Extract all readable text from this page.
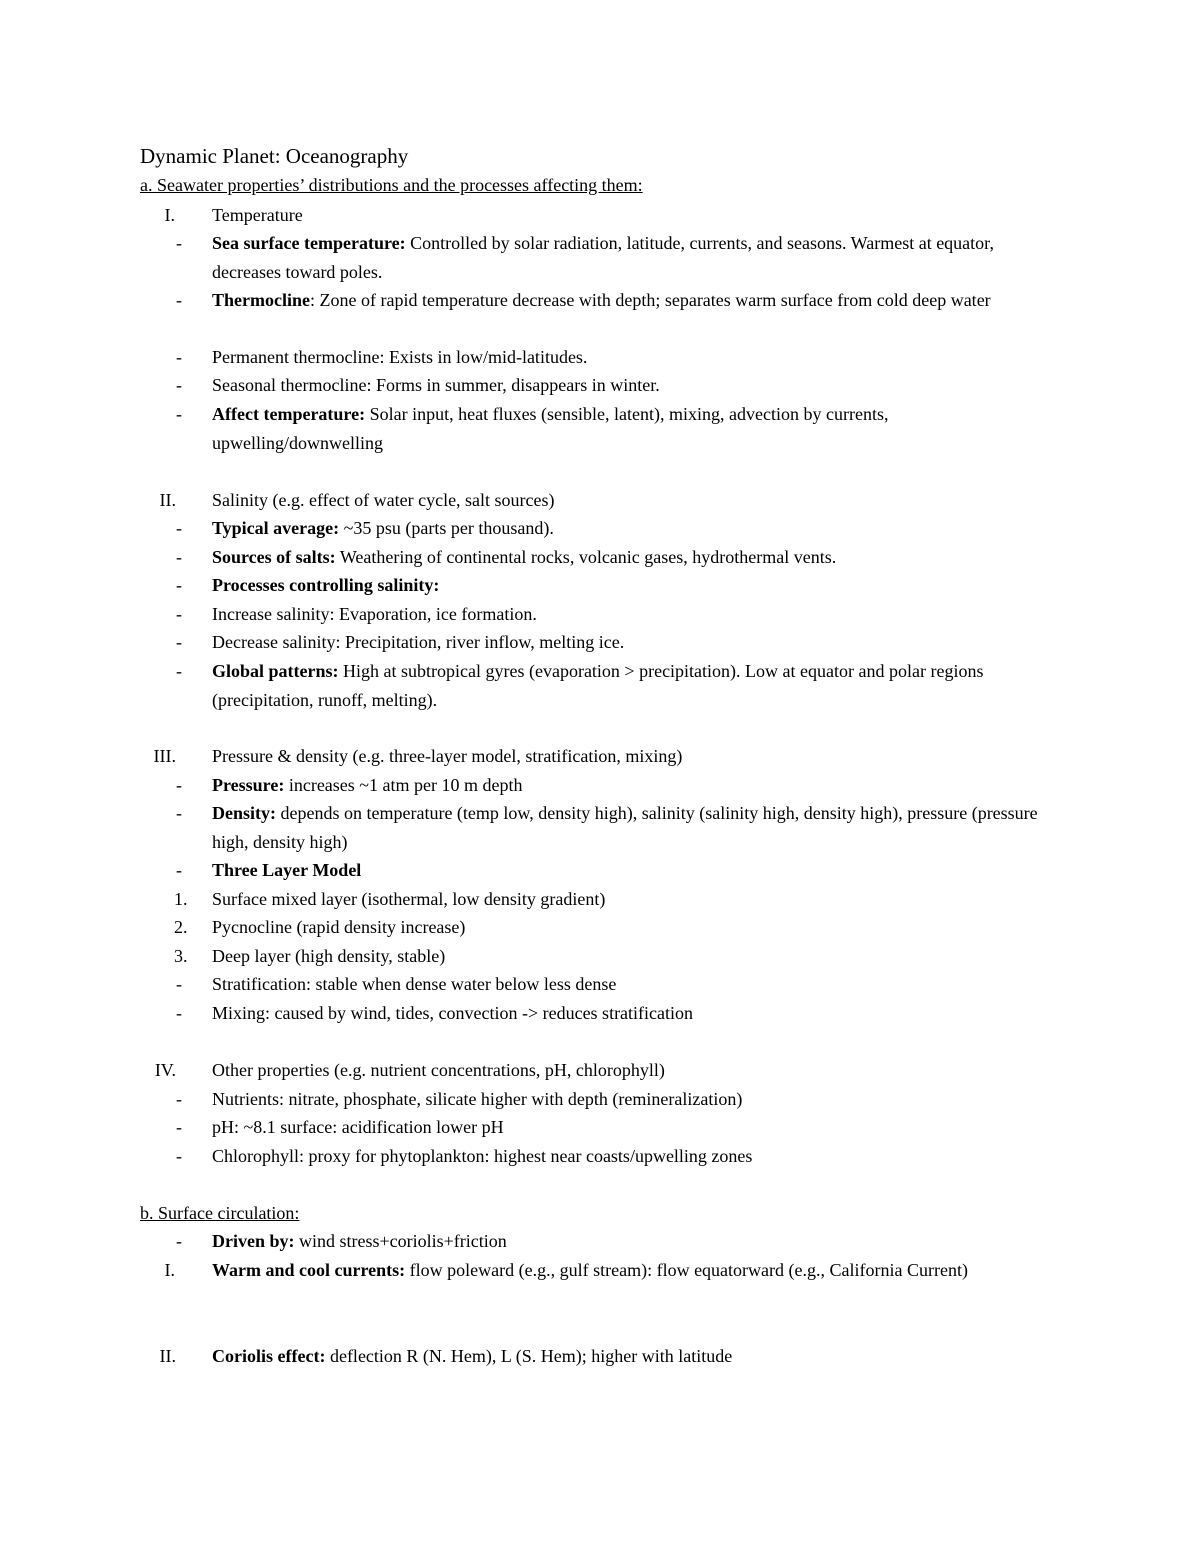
Dynamic Planet: Oceanography
a. Seawater properties’ distributions and the processes affecting them:
I. Temperature
- Sea surface temperature: Controlled by solar radiation, latitude, currents, and seasons. Warmest at equator, decreases toward poles.
- Thermocline: Zone of rapid temperature decrease with depth; separates warm surface from cold deep water
- Permanent thermocline: Exists in low/mid-latitudes.
- Seasonal thermocline: Forms in summer, disappears in winter.
- Affect temperature: Solar input, heat fluxes (sensible, latent), mixing, advection by currents, upwelling/downwelling
II. Salinity (e.g. effect of water cycle, salt sources)
- Typical average: ~35 psu (parts per thousand).
- Sources of salts: Weathering of continental rocks, volcanic gases, hydrothermal vents.
- Processes controlling salinity:
- Increase salinity: Evaporation, ice formation.
- Decrease salinity: Precipitation, river inflow, melting ice.
- Global patterns: High at subtropical gyres (evaporation > precipitation). Low at equator and polar regions (precipitation, runoff, melting).
III. Pressure & density (e.g. three-layer model, stratification, mixing)
- Pressure: increases ~1 atm per 10 m depth
- Density: depends on temperature (temp low, density high), salinity (salinity high, density high), pressure (pressure high, density high)
- Three Layer Model
1. Surface mixed layer (isothermal, low density gradient)
2. Pycnocline (rapid density increase)
3. Deep layer (high density, stable)
- Stratification: stable when dense water below less dense
- Mixing: caused by wind, tides, convection -> reduces stratification
IV. Other properties (e.g. nutrient concentrations, pH, chlorophyll)
- Nutrients: nitrate, phosphate, silicate higher with depth (remineralization)
- pH: ~8.1 surface: acidification lower pH
- Chlorophyll: proxy for phytoplankton: highest near coasts/upwelling zones
b. Surface circulation:
- Driven by: wind stress+coriolis+friction
I. Warm and cool currents: flow poleward (e.g., gulf stream): flow equatorward (e.g., California Current)
II. Coriolis effect: deflection R (N. Hem), L (S. Hem); higher with latitude
